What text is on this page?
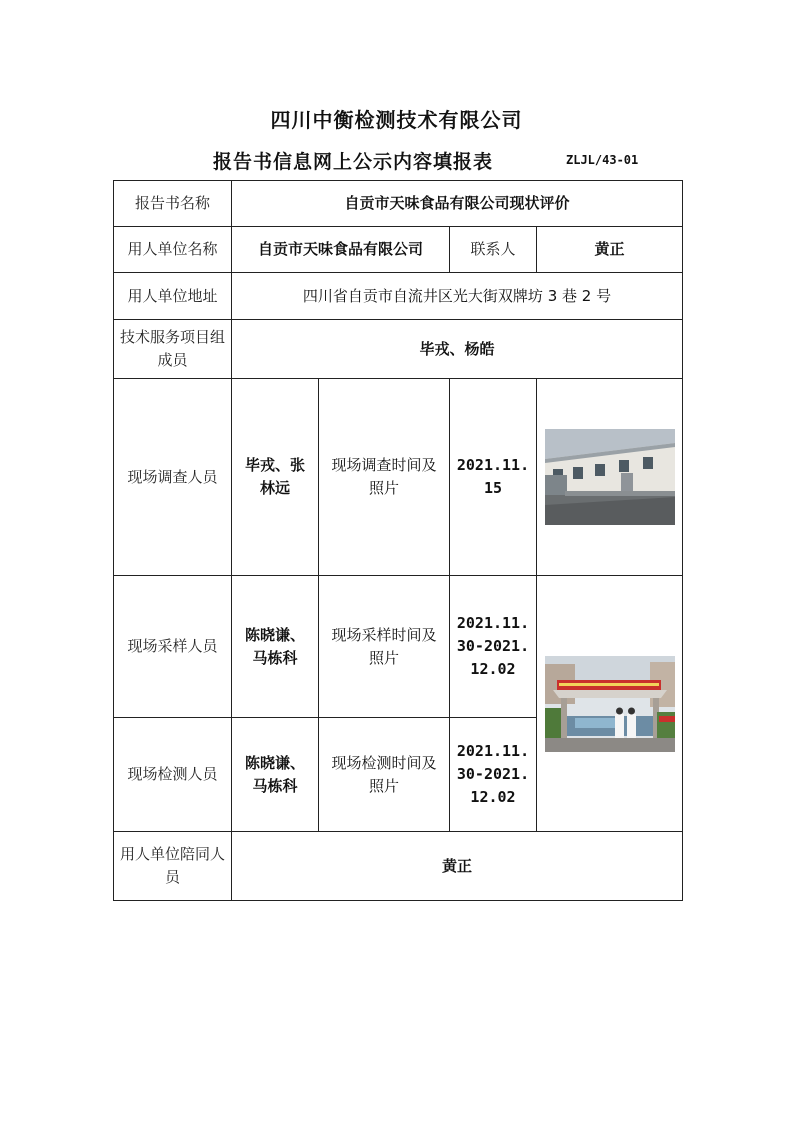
四川中衡检测技术有限公司
报告书信息网上公示内容填报表	ZLJL/43-01
报告书名称	自贡市天味食品有限公司现状评价			
用人单位名称	自贡市天味食品有限公司		联系人	黄正
用人单位地址	四川省自贡市自流井区光大街双牌坊 3 巷 2 号			
技术服务项目组成员	毕戎、杨皓			
现场调查人员	毕戎、张林远	现场调查时间及照片	2021.11.15	

现场采样人员	陈晓谦、马栋科	现场采样时间及照片	2021.11.30-2021.12.02	

现场检测人员	陈晓谦、马栋科	现场检测时间及照片	2021.11.30-2021.12.02	
用人单位陪同人员	黄正			
